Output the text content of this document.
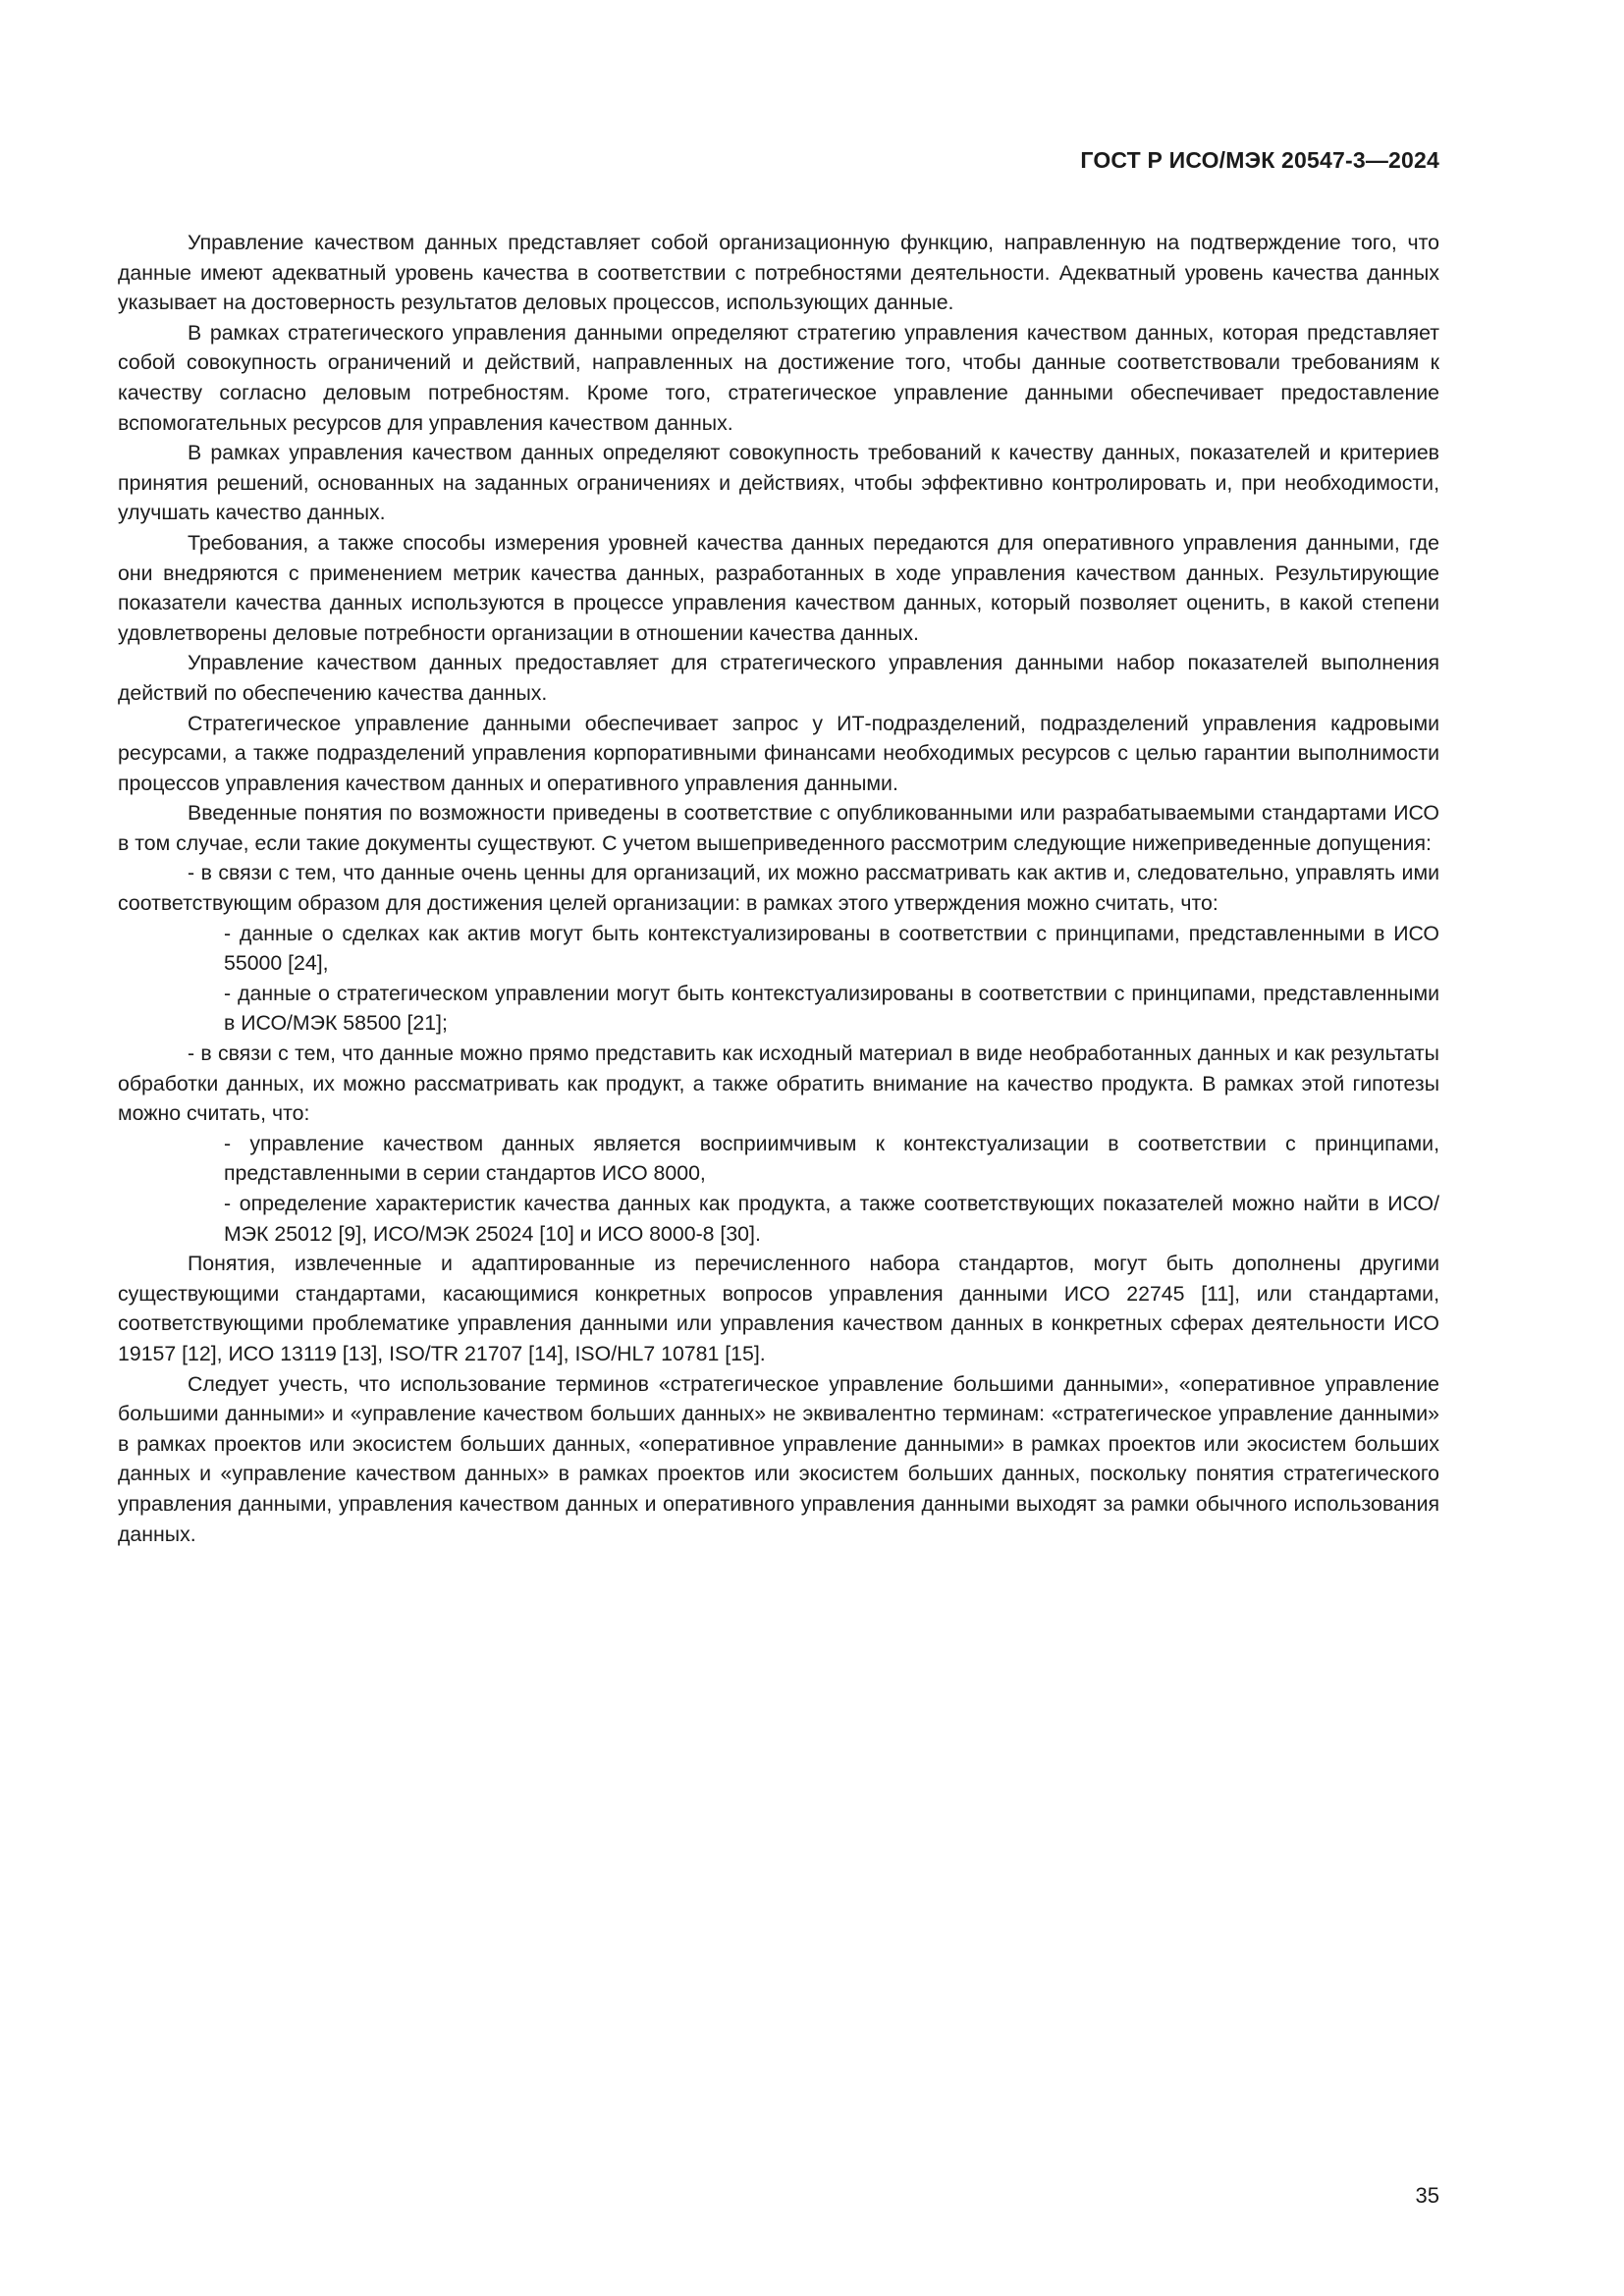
ГОСТ Р ИСО/МЭК 20547-3—2024

Управление качеством данных представляет собой организационную функцию, направленную на подтверждение того, что данные имеют адекватный уровень качества в соответствии с потребностями деятельности. Адекватный уровень качества данных указывает на достоверность результатов деловых процессов, использующих данные.

В рамках стратегического управления данными определяют стратегию управления качеством данных, которая представляет собой совокупность ограничений и действий, направленных на достижение того, чтобы данные соответствовали требованиям к качеству согласно деловым потребностям. Кроме того, стратегическое управление данными обеспечивает предоставление вспомогательных ресурсов для управления качеством данных.

В рамках управления качеством данных определяют совокупность требований к качеству данных, показателей и критериев принятия решений, основанных на заданных ограничениях и действиях, чтобы эффективно контролировать и, при необходимости, улучшать качество данных.

Требования, а также способы измерения уровней качества данных передаются для оперативного управления данными, где они внедряются с применением метрик качества данных, разработанных в ходе управления качеством данных. Результирующие показатели качества данных используются в процессе управления качеством данных, который позволяет оценить, в какой степени удовлетворены деловые потребности организации в отношении качества данных.

Управление качеством данных предоставляет для стратегического управления данными набор показателей выполнения действий по обеспечению качества данных.

Стратегическое управление данными обеспечивает запрос у ИТ-подразделений, подразделений управления кадровыми ресурсами, а также подразделений управления корпоративными финансами необходимых ресурсов с целью гарантии выполнимости процессов управления качеством данных и оперативного управления данными.

Введенные понятия по возможности приведены в соответствие с опубликованными или разрабатываемыми стандартами ИСО в том случае, если такие документы существуют. С учетом вышеприведенного рассмотрим следующие нижеприведенные допущения:

- в связи с тем, что данные очень ценны для организаций, их можно рассматривать как актив и, следовательно, управлять ими соответствующим образом для достижения целей организации: в рамках этого утверждения можно считать, что:

- данные о сделках как актив могут быть контекстуализированы в соответствии с принципами, представленными в ИСО 55000 [24],

- данные о стратегическом управлении могут быть контекстуализированы в соответствии с принципами, представленными в ИСО/МЭК 58500 [21];

- в связи с тем, что данные можно прямо представить как исходный материал в виде необработанных данных и как результаты обработки данных, их можно рассматривать как продукт, а также обратить внимание на качество продукта. В рамках этой гипотезы можно считать, что:

- управление качеством данных является восприимчивым к контекстуализации в соответствии с принципами, представленными в серии стандартов ИСО 8000,

- определение характеристик качества данных как продукта, а также соответствующих показателей можно найти в ИСО/МЭК 25012 [9], ИСО/МЭК 25024 [10] и ИСО 8000-8 [30].

Понятия, извлеченные и адаптированные из перечисленного набора стандартов, могут быть дополнены другими существующими стандартами, касающимися конкретных вопросов управления данными ИСО 22745 [11], или стандартами, соответствующими проблематике управления данными или управления качеством данных в конкретных сферах деятельности ИСО 19157 [12], ИСО 13119 [13], ISO/TR 21707 [14], ISO/HL7 10781 [15].

Следует учесть, что использование терминов «стратегическое управление большими данными», «оперативное управление большими данными» и «управление качеством больших данных» не эквивалентно терминам: «стратегическое управление данными» в рамках проектов или экосистем больших данных, «оперативное управление данными» в рамках проектов или экосистем больших данных и «управление качеством данных» в рамках проектов или экосистем больших данных, поскольку понятия стратегического управления данными, управления качеством данных и оперативного управления данными выходят за рамки обычного использования данных.

35
